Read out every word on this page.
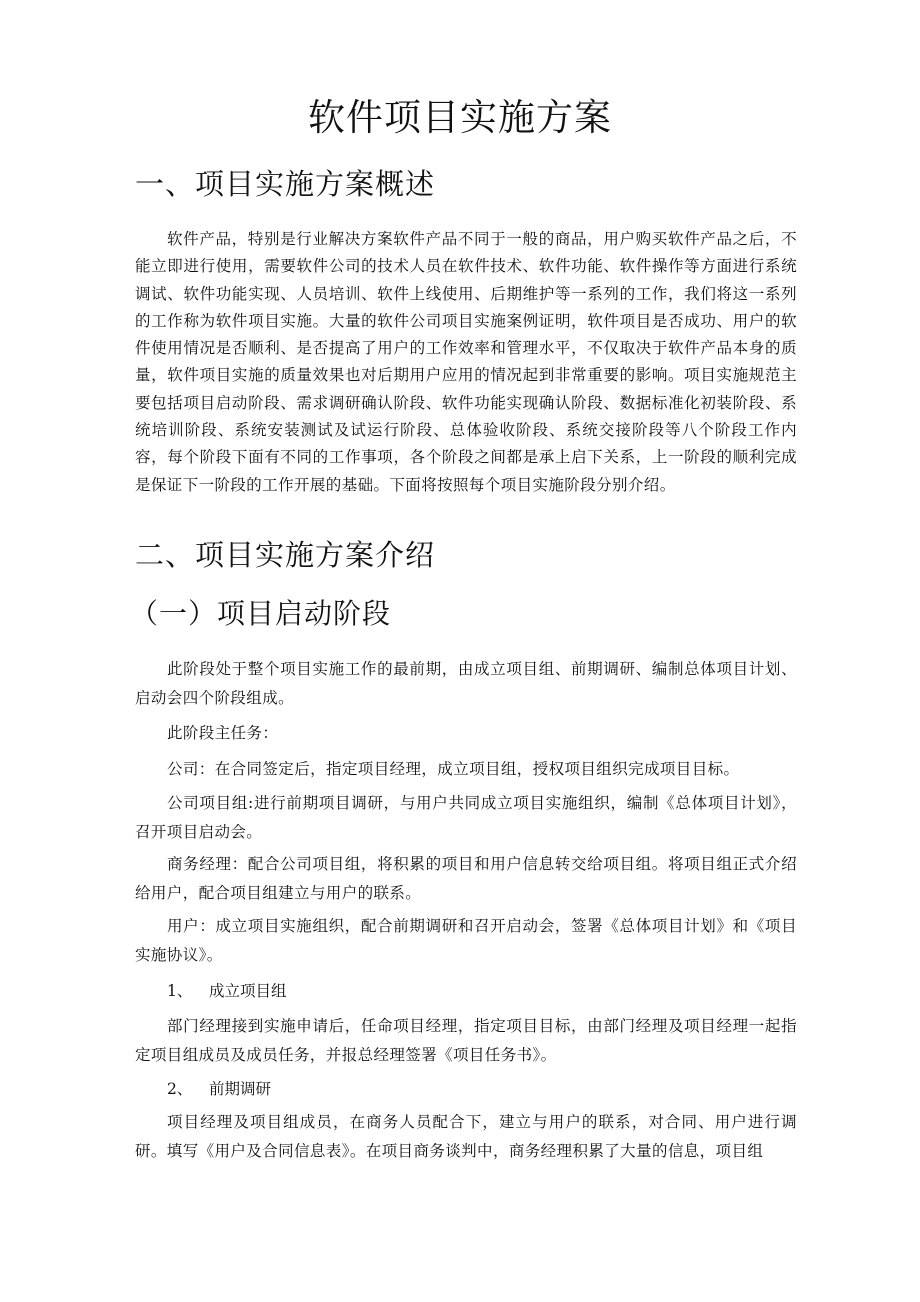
软件项目实施方案
一、项目实施方案概述

软件产品，特别是行业解决方案软件产品不同于一般的商品，用户购买软件产品之后，不能立即进行使用，需要软件公司的技术人员在软件技术、软件功能、软件操作等方面进行系统调试、软件功能实现、人员培训、软件上线使用、后期维护等一系列的工作，我们将这一系列的工作称为软件项目实施。大量的软件公司项目实施案例证明，软件项目是否成功、用户的软件使用情况是否顺利、是否提高了用户的工作效率和管理水平，不仅取决于软件产品本身的质量，软件项目实施的质量效果也对后期用户应用的情况起到非常重要的影响。项目实施规范主要包括项目启动阶段、需求调研确认阶段、软件功能实现确认阶段、数据标准化初装阶段、系统培训阶段、系统安装测试及试运行阶段、总体验收阶段、系统交接阶段等八个阶段工作内容，每个阶段下面有不同的工作事项，各个阶段之间都是承上启下关系，上一阶段的顺利完成是保证下一阶段的工作开展的基础。下面将按照每个项目实施阶段分别介绍。

二、项目实施方案介绍
（一）项目启动阶段

此阶段处于整个项目实施工作的最前期，由成立项目组、前期调研、编制总体项目计划、启动会四个阶段组成。

此阶段主任务：

公司：在合同签定后，指定项目经理，成立项目组，授权项目组织完成项目目标。

公司项目组:进行前期项目调研，与用户共同成立项目实施组织，编制《总体项目计划》， 召开项目启动会。

商务经理：配合公司项目组，将积累的项目和用户信息转交给项目组。将项目组正式介绍给用户，配合项目组建立与用户的联系。

用户：成立项目实施组织，配合前期调研和召开启动会，签署《总体项目计划》和《项目实施协议》。

1、 成立项目组

部门经理接到实施申请后，任命项目经理，指定项目目标，由部门经理及项目经理一起指定项目组成员及成员任务，并报总经理签署《项目任务书》。

2、 前期调研

项目经理及项目组成员，在商务人员配合下，建立与用户的联系，对合同、用户进行调研。填写《用户及合同信息表》。在项目商务谈判中，商务经理积累了大量的信息，项目组
